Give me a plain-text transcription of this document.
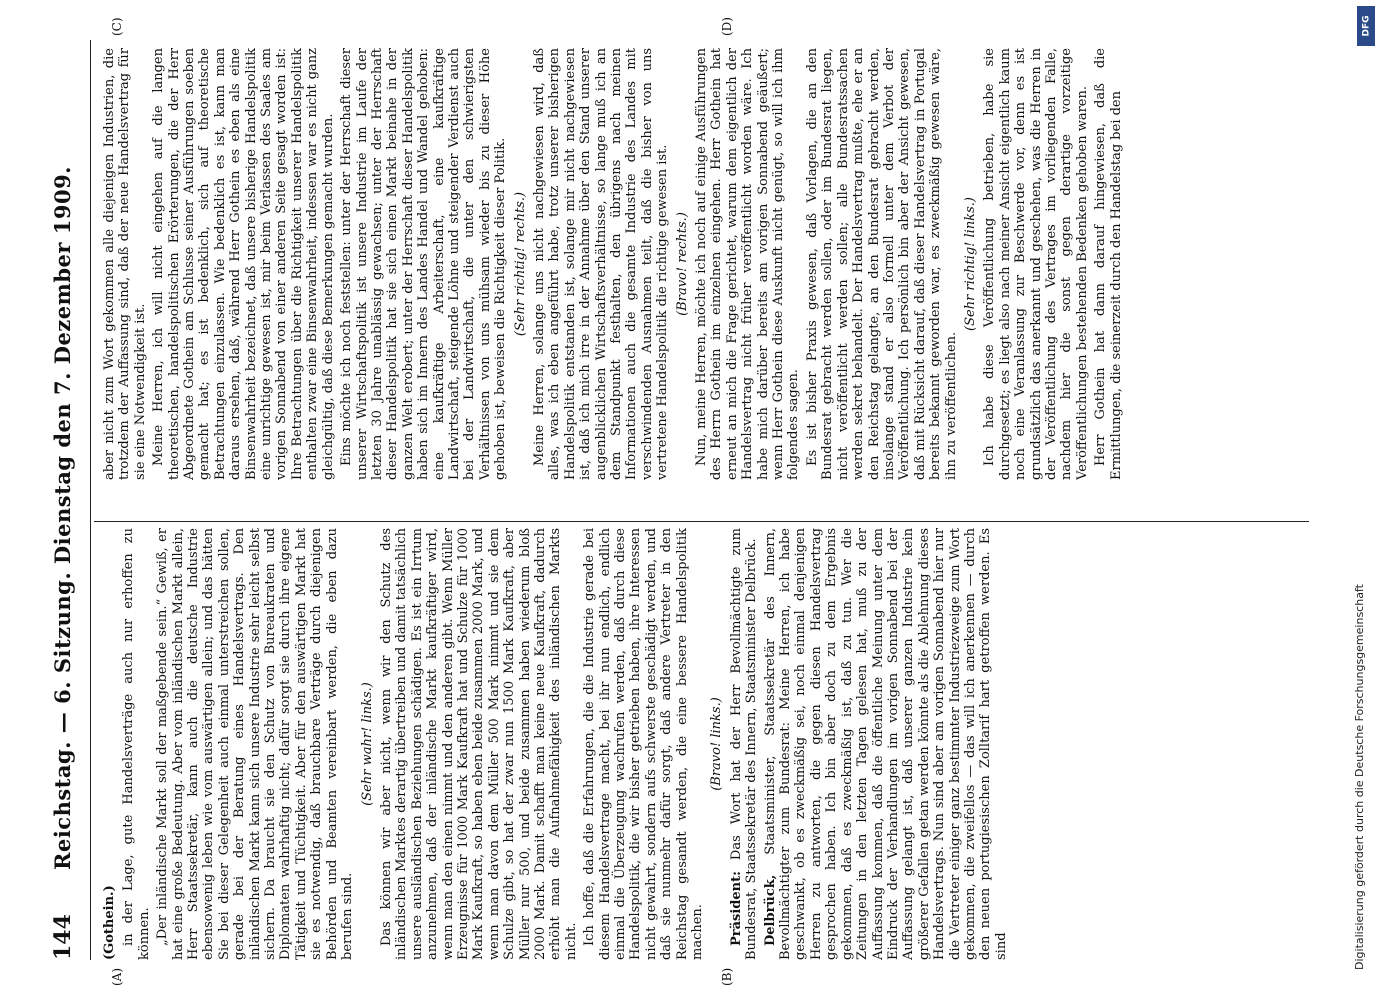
144
Reichstag. — 6. Sitzung. Dienstag den 7. Dezember 1909.
(A)	(B)
(C)	(D)

(Gothein.) in der Lage, gute Handelsverträge auch nur erhoffen zu können. „Der inländische Markt soll der maßgebende sein.“ Gewiß, er hat eine große Bedeutung. Aber vom inländischen Markt allein, Herr Staatssekretär, kann auch die deutsche Industrie ebensowenig leben wie vom auswärtigen allein; und das hätten Sie bei dieser Gelegenheit auch einmal unterstreichen sollen, gerade bei der Beratung eines Handelsvertrags. Den inländischen Markt kann sich unsere Industrie sehr leicht selbst sichern. Da braucht sie den Schutz von Bureaukraten und Diplomaten wahrhaftig nicht; dafür sorgt sie durch ihre eigene Tätigkeit und Tüchtigkeit. Aber für den auswärtigen Markt hat sie es notwendig, daß brauchbare Verträge durch diejenigen Behörden und Beamten vereinbart werden, die eben dazu berufen sind.

(Sehr wahr! links.) Das können wir aber nicht, wenn wir den Schutz des inländischen Marktes derartig übertreiben und damit tatsächlich unsere ausländischen Beziehungen schädigen. Es ist ein Irrtum anzunehmen, daß der inländische Markt kaufkräftiger wird, wenn man den einen nimmt und den anderen gibt. Wenn Müller Erzeugnisse für 1000 Mark Kaufkraft hat und Schulze für 1000 Mark Kaufkraft, so haben eben beide zusammen 2000 Mark, und wenn man davon dem Müller 500 Mark nimmt und sie dem Schulze gibt, so hat der zwar nun 1500 Mark Kaufkraft, aber Müller nur 500, und beide zusammen haben wiederum bloß 2000 Mark. Damit schafft man keine neue Kaufkraft, dadurch erhöht man die Aufnahmefähigkeit des inländischen Markts nicht. Ich hoffe, daß die Erfahrungen, die die Industrie gerade bei diesem Handelsvertrage macht, bei ihr nun endlich, endlich einmal die Überzeugung wachrufen werden, daß durch diese Handelspolitik, die wir bisher getrieben haben, ihre Interessen nicht gewahrt, sondern aufs schwerste geschädigt werden, und daß sie nunmehr dafür sorgt, daß andere Vertreter in den Reichstag gesandt werden, die eine bessere Handelspolitik machen.

(Bravo! links.)

Präsident: Das Wort hat der Herr Bevollmächtigte zum Bundesrat, Staatssekretär des Innern, Staatsminister Delbrück. Delbrück, Staatsminister, Staatssekretär des Innern, Bevollmächtigter zum Bundesrat: Meine Herren, ich habe geschwankt, ob es zweckmäßig sei, noch einmal denjenigen Herren zu antworten, die gegen diesen Handelsvertrag gesprochen haben. Ich bin aber doch zu dem Ergebnis gekommen, daß es zweckmäßig ist, daß zu tun. Wer die Zeitungen in den letzten Tagen gelesen hat, muß zu der Auffassung kommen, daß die öffentliche Meinung unter dem Eindruck der Verhandlungen im vorigen Sonnabend bei der Auffassung gelangt ist, daß unserer ganzen Industrie kein größerer Gefallen getan werden könnte als die Ablehnung dieses Handelsvertrags. Nun sind aber am vorigen Sonnabend hier nur die Vertreter einiger ganz bestimmter Industriezweige zum Wort gekommen, die zweifellos — das will ich anerkennen — durch den neuen portugiesischen Zolltarif hart getroffen werden. Es sind

aber nicht zum Wort gekommen alle diejenigen Industrien, die trotzdem der Auffassung sind, daß der neue Handelsvertrag für sie eine Notwendigkeit ist. Meine Herren, ich will nicht eingehen auf die langen theoretischen, handelspolitischen Erörterungen, die der Herr Abgeordnete Gothein am Schlusse seiner Ausführungen soeben gemacht hat; es ist bedenklich, sich auf theoretische Betrachtungen einzulassen. Wie bedenklich es ist, kann man daraus ersehen, daß, während Herr Gothein es eben als eine Binsenwahrheit bezeichnet, daß unsere bisherige Handelspolitik eine unrichtige gewesen ist, mir beim Verlassen des Saales am vorigen Sonnabend von einer anderen Seite gesagt worden ist: Ihre Betrachtungen über die Richtigkeit unserer Handelspolitik enthalten zwar eine Binsenwahrheit, indessen war es nicht ganz gleichgültig, daß diese Bemerkungen gemacht wurden. Eins möchte ich noch feststellen: unter der Herrschaft dieser unserer Wirtschaftspolitik ist unsere Industrie im Laufe der letzten 30 Jahre unablässig gewachsen; unter der Herrschaft dieser Handelspolitik hat sie sich einen Markt beinahe in der ganzen Welt erobert; unter der Herrschaft dieser Handelspolitik haben sich im Innern des Landes Handel und Wandel gehoben: eine kaufkräftige Arbeiterschaft, eine kaufkräftige Landwirtschaft, steigende Löhne und steigender Verdienst auch bei der Landwirtschaft, die unter den schwierigsten Verhältnissen von uns mühsam wieder bis zu dieser Höhe gehoben ist, beweisen die Richtigkeit dieser Politik. (Sehr richtig! rechts.) Meine Herren, solange uns nicht nachgewiesen wird, daß alles, was ich eben angeführt habe, trotz unserer bisherigen Handelspolitik entstanden ist, solange mir nicht nachgewiesen ist, daß ich mich irre in der Annahme über den Stand unserer augenblicklichen Wirtschaftsverhältnisse, so lange muß ich an dem Standpunkt festhalten, den übrigens nach meinen Informationen auch die gesamte Industrie des Landes mit verschwindenden Ausnahmen teilt, daß die bisher von uns vertretene Handelspolitik die richtige gewesen ist. (Bravo! rechts.) Nun, meine Herren, möchte ich noch auf einige Ausführungen des Herrn Gothein im einzelnen eingehen. Herr Gothein hat erneut an mich die Frage gerichtet, warum dem eigentlich der Handelsvertrag nicht früher veröffentlicht worden wäre. Ich habe mich darüber bereits am vorigen Sonnabend geäußert; wenn Herr Gothein diese Auskunft nicht genügt, so will ich ihm folgendes sagen. Es ist bisher Praxis gewesen, daß Vorlagen, die an den Bundesrat gebracht werden sollen, oder im Bundesrat liegen, nicht veröffentlicht werden sollen; alle Bundesratssachen werden sekret behandelt. Der Handelsvertrag mußte, ehe er an den Reichstag gelangte, an den Bundesrat gebracht werden, insolange stand er also formell unter dem Verbot der Veröffentlichung. Ich persönlich bin aber der Ansicht gewesen, daß mit Rücksicht darauf, daß dieser Handelsvertrag in Portugal bereits bekannt geworden war, es zweckmäßig gewesen wäre, ihn zu veröffentlichen.

(Sehr richtig! links.) Ich habe diese Veröffentlichung betrieben, habe sie durchgesetzt; es liegt also nach meiner Ansicht eigentlich kaum noch eine Veranlassung zur Beschwerde vor, denn es ist grundsätzlich das anerkannt und geschehen, was die Herren in der Veröffentlichung des Vertrages im vorliegenden Falle, nachdem hier die sonst gegen derartige vorzeitige Veröffentlichungen bestehenden Bedenken gehoben waren. Herr Gothein hat dann darauf hingewiesen, daß die Ermittlungen, die seinerzeit durch den Handelstag bei den

DFG
Digitalisierung gefördert durch die Deutsche Forschungsgemeinschaft
